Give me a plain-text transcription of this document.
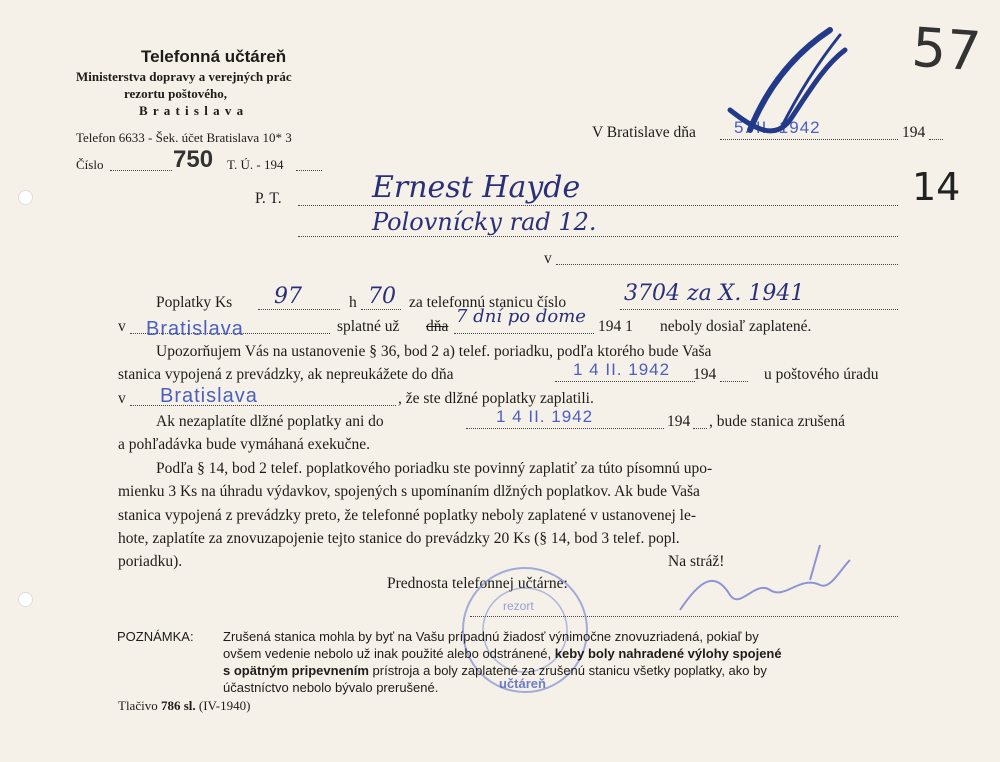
Telefonná učtáreň
Ministerstva dopravy a verejných prác
rezortu poštového,
B r a t i s l a v a
Telefon 6633 - Šek. účet Bratislava 10* 3
Číslo	750 T. Ú. - 194
V Bratislave dňa 5. II. 1942	194
57
14
P. T.	Ernest Hayde
Polovnícky rad 12.
v
Poplatky Ks 97	h 70 za telefonnú stanicu číslo	3704 za X. 1941
v Bratislava	splatné už dňa 7 dní po dome 194 1 neboly dosiaľ zaplatené.
Upozorňujem Vás na ustanovenie § 36, bod 2 a) telef. poriadku, podľa ktorého bude Vaša
stanica vypojená z prevádzky, ak nepreukážete do dňa	1 4 II. 1942 194	u poštového úradu
v Bratislava	, že ste dlžné poplatky zaplatili.
Ak nezaplatíte dlžné poplatky ani do	1 4 II. 1942	194 , bude stanica zrušená
a pohľadávka bude vymáhaná exekučne.
Podľa § 14, bod 2 telef. poplatkového poriadku ste povinný zaplatiť za túto písomnú upo-
mienku 3 Ks na úhradu výdavkov, spojených s upomínaním dlžných poplatkov. Ak bude Vaša
stanica vypojená z prevádzky preto, že telefonné poplatky neboly zaplatené v ustanovenej le-
hote, zaplatíte za znovuzapojenie tejto stanice do prevádzky 20 Ks (§ 14, bod 3 telef. popl.
poriadku).	Na stráž!
Prednosta telefonnej učtárne:
rezort
učtáreň
POZNÁMKA: Zrušená stanica mohla by byť na Vašu prípadnú žiadosť výnimočne znovuzriadená, pokiaľ by
ovšem vedenie nebolo už inak použité alebo odstránené, keby boly nahradené výlohy spojené
s opätným pripevnením prístroja a boly zaplatené za zrušenú stanicu všetky poplatky, ako by
účastníctvo nebolo bývalo prerušené.
Tlačivo 786 sl. (IV-1940)
